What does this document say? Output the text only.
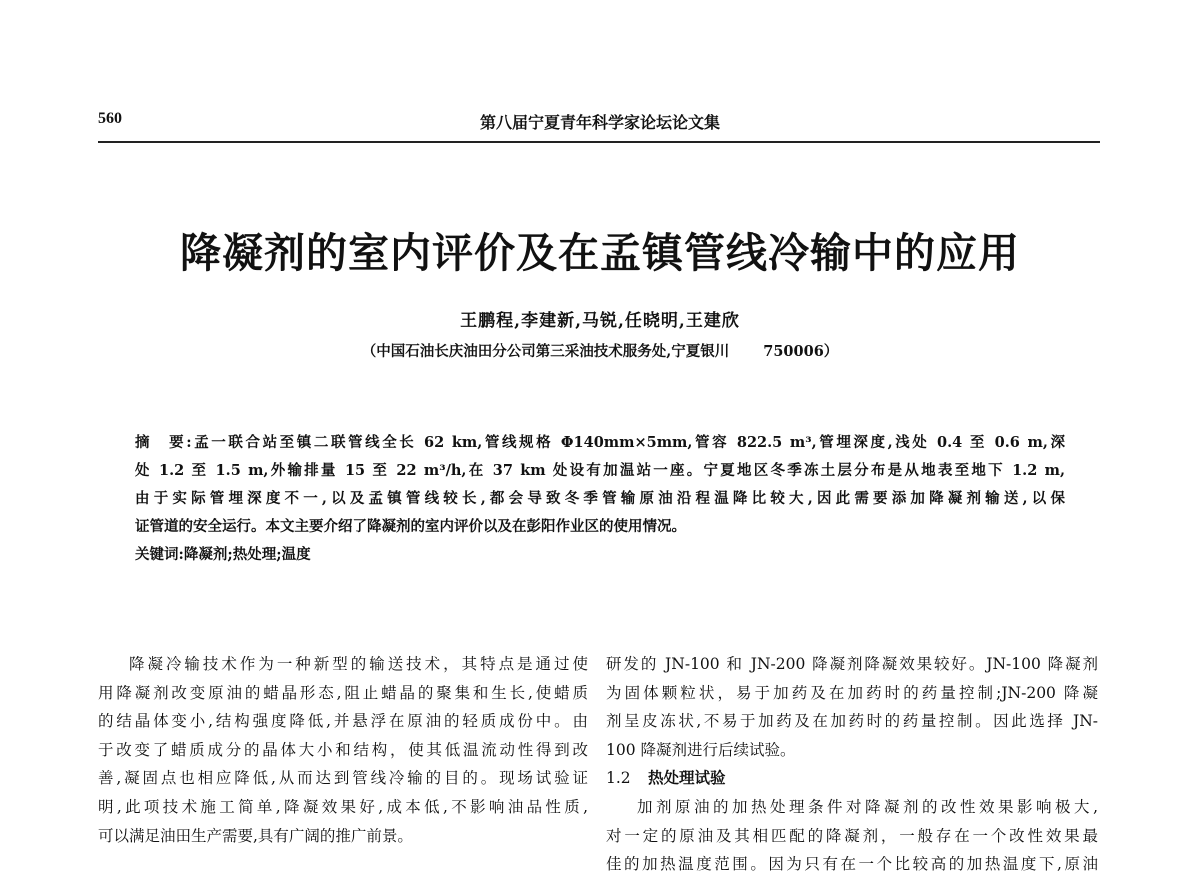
560	第八届宁夏青年科学家论坛论文集
降凝剂的室内评价及在孟镇管线冷输中的应用
王鹏程,李建新,马锐,任晓明,王建欣
（中国石油长庆油田分公司第三采油技术服务处,宁夏银川 750006）
摘　要:孟一联合站至镇二联管线全长 62 km,管线规格 Φ140mm×5mm,管容 822.5 m³,管埋深度,浅处 0.4 至 0.6 m,深
处 1.2 至 1.5 m,外输排量 15 至 22 m³/h,在 37 km 处设有加温站一座。宁夏地区冬季冻土层分布是从地表至地下 1.2 m,
由于实际管埋深度不一,以及孟镇管线较长,都会导致冬季管输原油沿程温降比较大,因此需要添加降凝剂输送,以保
证管道的安全运行。本文主要介绍了降凝剂的室内评价以及在彭阳作业区的使用情况。
关键词:降凝剂;热处理;温度
降凝冷输技术作为一种新型的输送技术，其特点是通过使
用降凝剂改变原油的蜡晶形态,阻止蜡晶的聚集和生长,使蜡质
的结晶体变小,结构强度降低,并悬浮在原油的轻质成份中。由
于改变了蜡质成分的晶体大小和结构，使其低温流动性得到改
善,凝固点也相应降低,从而达到管线冷输的目的。现场试验证
明,此项技术施工简单,降凝效果好,成本低,不影响油品性质,
可以满足油田生产需要,具有广阔的推广前景。
研发的 JN-100 和 JN-200 降凝剂降凝效果较好。JN-100 降凝剂
为固体颗粒状，易于加药及在加药时的药量控制;JN-200 降凝
剂呈皮冻状,不易于加药及在加药时的药量控制。因此选择 JN-
100 降凝剂进行后续试验。
1.2 热处理试验
加剂原油的加热处理条件对降凝剂的改性效果影响极大,
对一定的原油及其相匹配的降凝剂，一般存在一个改性效果最
佳的加热温度范围。因为只有在一个比较高的加热温度下,原油
